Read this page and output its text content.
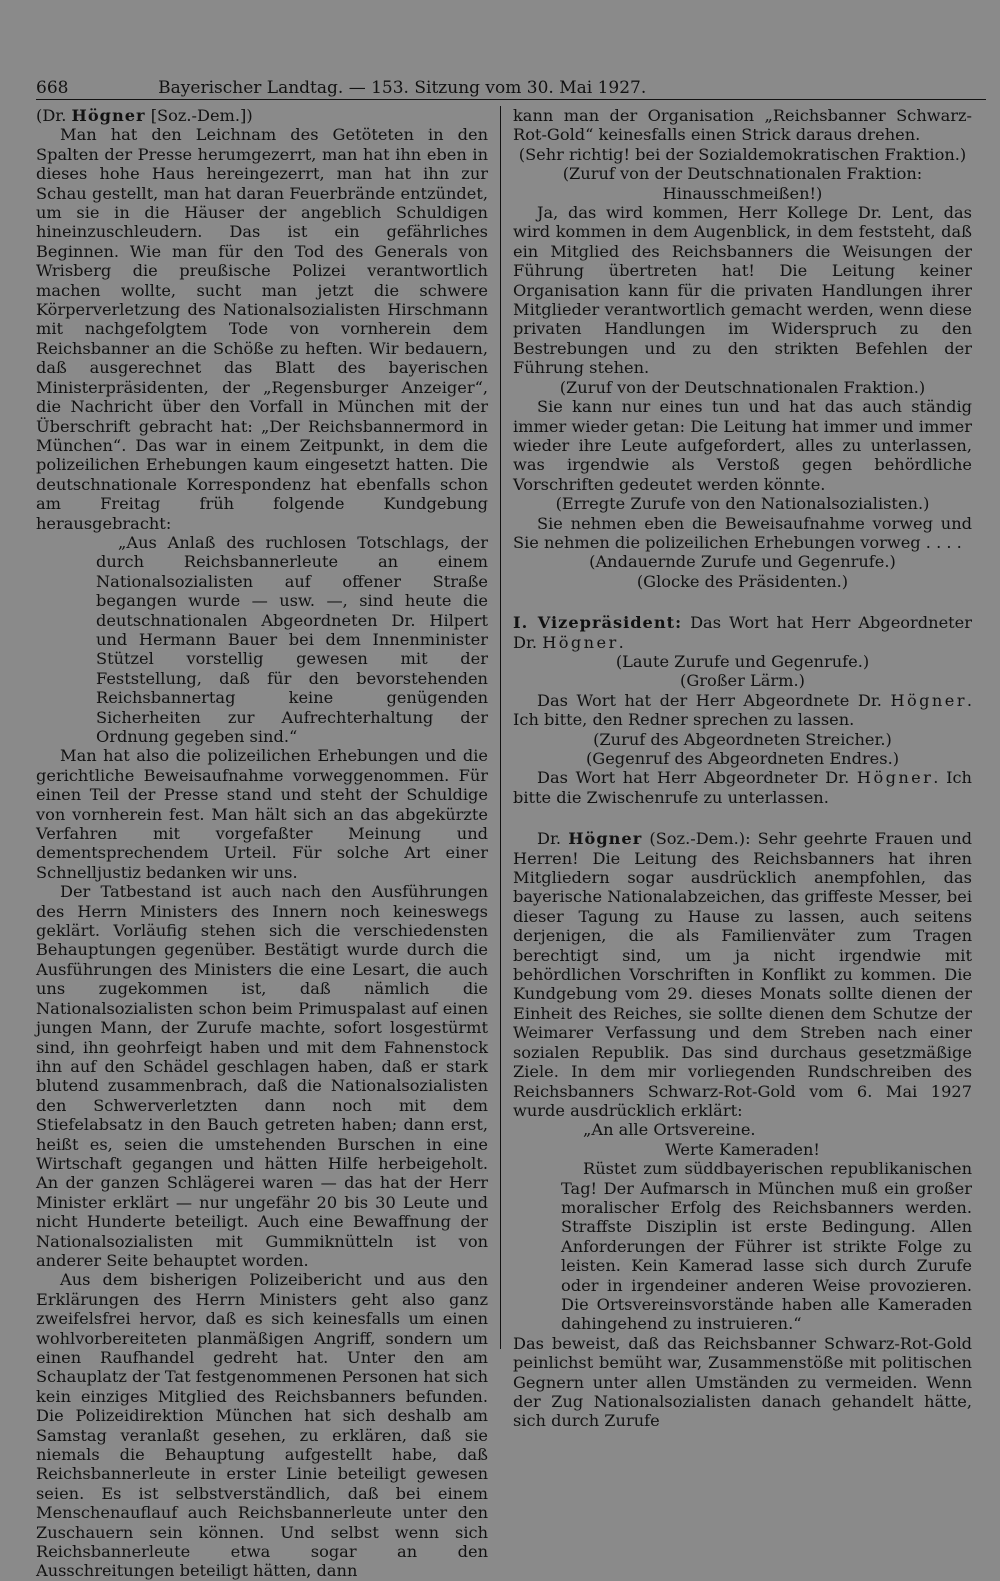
668	Bayerischer Landtag. — 153. Sitzung vom 30. Mai 1927.

(Dr. Högner [Soz.-Dem.])

Man hat den Leichnam des Getöteten in den Spalten der Presse herumgezerrt, man hat ihn eben in dieses hohe Haus hereingezerrt, man hat ihn zur Schau gestellt, man hat daran Feuerbrände entzündet, um sie in die Häuser der angeblich Schuldigen hineinzuschleudern. Das ist ein gefährliches Beginnen. Wie man für den Tod des Generals von Wrisberg die preußische Polizei verantwortlich machen wollte, sucht man jetzt die schwere Körperverletzung des Nationalsozialisten Hirschmann mit nachgefolgtem Tode von vornherein dem Reichsbanner an die Schöße zu heften. Wir bedauern, daß ausgerechnet das Blatt des bayerischen Ministerpräsidenten, der „Regensburger Anzeiger“, die Nachricht über den Vorfall in München mit der Überschrift gebracht hat: „Der Reichsbannermord in München“. Das war in einem Zeitpunkt, in dem die polizeilichen Erhebungen kaum eingesetzt hatten. Die deutschnationale Korrespondenz hat ebenfalls schon am Freitag früh folgende Kundgebung herausgebracht:

„Aus Anlaß des ruchlosen Totschlags, der durch Reichsbannerleute an einem Nationalsozialisten auf offener Straße begangen wurde — usw. —, sind heute die deutschnationalen Abgeordneten Dr. Hilpert und Hermann Bauer bei dem Innenminister Stützel vorstellig gewesen mit der Feststellung, daß für den bevorstehenden Reichsbannertag keine genügenden Sicherheiten zur Aufrechterhaltung der Ordnung gegeben sind.“

Man hat also die polizeilichen Erhebungen und die gerichtliche Beweisaufnahme vorweggenommen. Für einen Teil der Presse stand und steht der Schuldige von vornherein fest. Man hält sich an das abgekürzte Verfahren mit vorgefaßter Meinung und dementsprechendem Urteil. Für solche Art einer Schnelljustiz bedanken wir uns.

Der Tatbestand ist auch nach den Ausführungen des Herrn Ministers des Innern noch keineswegs geklärt. Vorläufig stehen sich die verschiedensten Behauptungen gegenüber. Bestätigt wurde durch die Ausführungen des Ministers die eine Lesart, die auch uns zugekommen ist, daß nämlich die Nationalsozialisten schon beim Primuspalast auf einen jungen Mann, der Zurufe machte, sofort losgestürmt sind, ihn geohrfeigt haben und mit dem Fahnenstock ihn auf den Schädel geschlagen haben, daß er stark blutend zusammenbrach, daß die Nationalsozialisten den Schwerverletzten dann noch mit dem Stiefelabsatz in den Bauch getreten haben; dann erst, heißt es, seien die umstehenden Burschen in eine Wirtschaft gegangen und hätten Hilfe herbeigeholt. An der ganzen Schlägerei waren — das hat der Herr Minister erklärt — nur ungefähr 20 bis 30 Leute und nicht Hunderte beteiligt. Auch eine Bewaffnung der Nationalsozialisten mit Gummiknütteln ist von anderer Seite behauptet worden.

Aus dem bisherigen Polizeibericht und aus den Erklärungen des Herrn Ministers geht also ganz zweifelsfrei hervor, daß es sich keinesfalls um einen wohlvorbereiteten planmäßigen Angriff, sondern um einen Raufhandel gedreht hat. Unter den am Schauplatz der Tat festgenommenen Personen hat sich kein einziges Mitglied des Reichsbanners befunden. Die Polizeidirektion München hat sich deshalb am Samstag veranlaßt gesehen, zu erklären, daß sie niemals die Behauptung aufgestellt habe, daß Reichsbannerleute in erster Linie beteiligt gewesen seien. Es ist selbstverständlich, daß bei einem Menschenauflauf auch Reichsbannerleute unter den Zuschauern sein können. Und selbst wenn sich Reichsbannerleute etwa sogar an den Ausschreitungen beteiligt hätten, dann

kann man der Organisation „Reichsbanner Schwarz-Rot-Gold“ keinesfalls einen Strick daraus drehen.

(Sehr richtig! bei der Sozialdemokratischen Fraktion.)

(Zuruf von der Deutschnationalen Fraktion: Hinausschmeißen!)

Ja, das wird kommen, Herr Kollege Dr. Lent, das wird kommen in dem Augenblick, in dem feststeht, daß ein Mitglied des Reichsbanners die Weisungen der Führung übertreten hat! Die Leitung keiner Organisation kann für die privaten Handlungen ihrer Mitglieder verantwortlich gemacht werden, wenn diese privaten Handlungen im Widerspruch zu den Bestrebungen und zu den strikten Befehlen der Führung stehen.

(Zuruf von der Deutschnationalen Fraktion.)

Sie kann nur eines tun und hat das auch ständig immer wieder getan: Die Leitung hat immer und immer wieder ihre Leute aufgefordert, alles zu unterlassen, was irgendwie als Verstoß gegen behördliche Vorschriften gedeutet werden könnte.

(Erregte Zurufe von den Nationalsozialisten.)

Sie nehmen eben die Beweisaufnahme vorweg und Sie nehmen die polizeilichen Erhebungen vorweg . . . .

(Andauernde Zurufe und Gegenrufe.)

(Glocke des Präsidenten.)

I. Vizepräsident: Das Wort hat Herr Abgeordneter Dr. Högner.

(Laute Zurufe und Gegenrufe.)

(Großer Lärm.)

Das Wort hat der Herr Abgeordnete Dr. Högner. Ich bitte, den Redner sprechen zu lassen.

(Zuruf des Abgeordneten Streicher.)

(Gegenruf des Abgeordneten Endres.)

Das Wort hat Herr Abgeordneter Dr. Högner. Ich bitte die Zwischenrufe zu unterlassen.

Dr. Högner (Soz.-Dem.): Sehr geehrte Frauen und Herren! Die Leitung des Reichsbanners hat ihren Mitgliedern sogar ausdrücklich anempfohlen, das bayerische Nationalabzeichen, das griffeste Messer, bei dieser Tagung zu Hause zu lassen, auch seitens derjenigen, die als Familienväter zum Tragen berechtigt sind, um ja nicht irgendwie mit behördlichen Vorschriften in Konflikt zu kommen. Die Kundgebung vom 29. dieses Monats sollte dienen der Einheit des Reiches, sie sollte dienen dem Schutze der Weimarer Verfassung und dem Streben nach einer sozialen Republik. Das sind durchaus gesetzmäßige Ziele. In dem mir vorliegenden Rundschreiben des Reichsbanners Schwarz-Rot-Gold vom 6. Mai 1927 wurde ausdrücklich erklärt:

„An alle Ortsvereine.

Werte Kameraden!

Rüstet zum süddbayerischen republikanischen Tag! Der Aufmarsch in München muß ein großer moralischer Erfolg des Reichsbanners werden. Straffste Disziplin ist erste Bedingung. Allen Anforderungen der Führer ist strikte Folge zu leisten. Kein Kamerad lasse sich durch Zurufe oder in irgendeiner anderen Weise provozieren. Die Ortsvereinsvorstände haben alle Kameraden dahingehend zu instruieren.“

Das beweist, daß das Reichsbanner Schwarz-Rot-Gold peinlichst bemüht war, Zusammenstöße mit politischen Gegnern unter allen Umständen zu vermeiden. Wenn der Zug Nationalsozialisten danach gehandelt hätte, sich durch Zurufe
